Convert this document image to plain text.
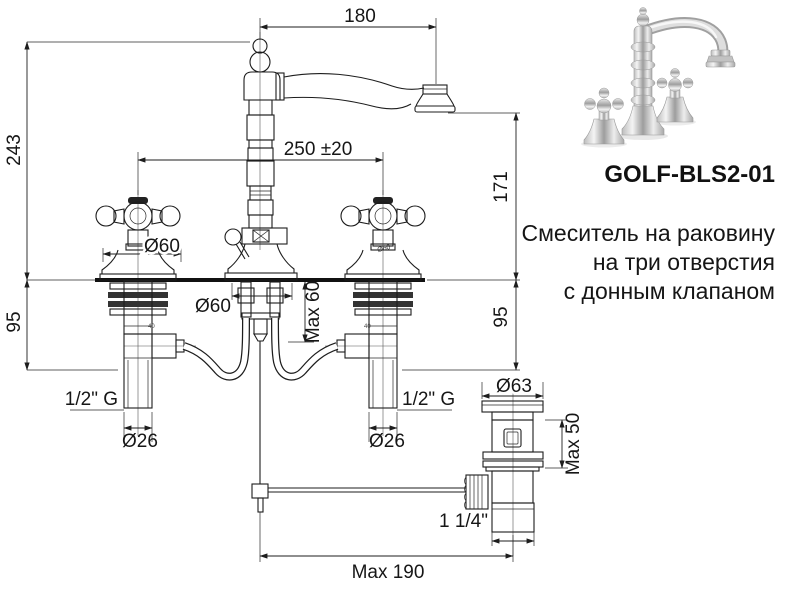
Ø60
40	40
180
243
95
250 ±20
171
95
Ø60
Ø60	Max 60
1/2" G	1/2" G
Ø26	Ø26
Ø63
Max 50
1 1/4"
Max 190
GOLF-BLS2-01
Смеситель на раковину
на три отверстия
с донным клапаном
